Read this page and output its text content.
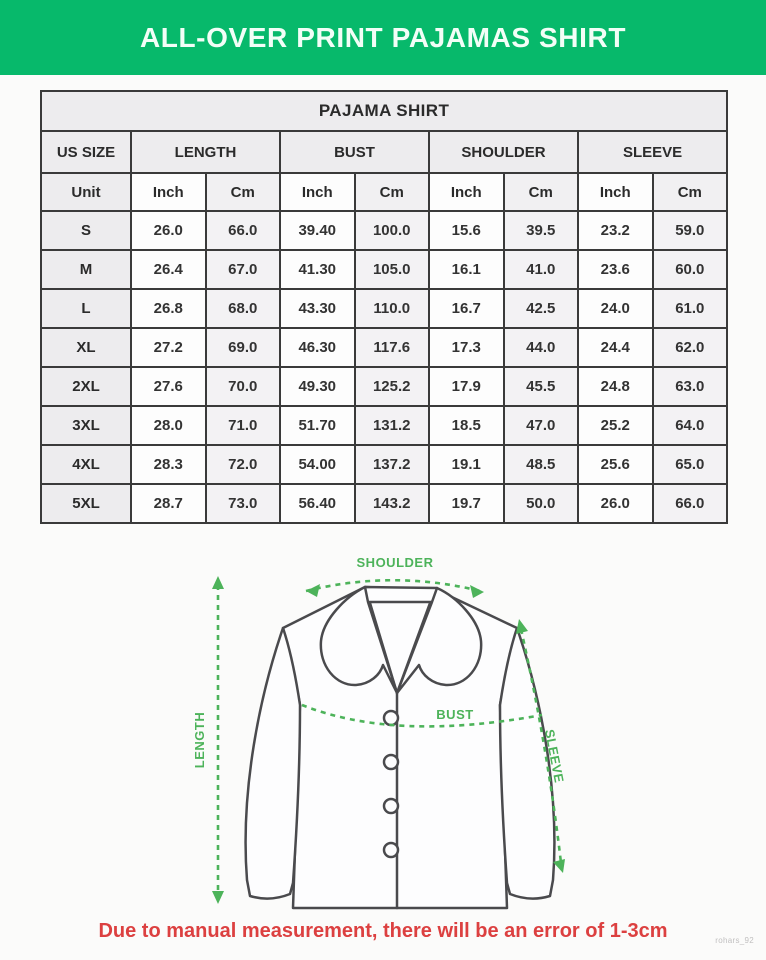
ALL-OVER PRINT PAJAMAS SHIRT
PAJAMA SHIRT								
US SIZE	LENGTH		BUST		SHOULDER		SLEEVE	
Unit	Inch	Cm	Inch	Cm	Inch	Cm	Inch	Cm
S	26.0	66.0	39.40	100.0	15.6	39.5	23.2	59.0
M	26.4	67.0	41.30	105.0	16.1	41.0	23.6	60.0
L	26.8	68.0	43.30	110.0	16.7	42.5	24.0	61.0
XL	27.2	69.0	46.30	117.6	17.3	44.0	24.4	62.0
2XL	27.6	70.0	49.30	125.2	17.9	45.5	24.8	63.0
3XL	28.0	71.0	51.70	131.2	18.5	47.0	25.2	64.0
4XL	28.3	72.0	54.00	137.2	19.1	48.5	25.6	65.0
5XL	28.7	73.0	56.40	143.2	19.7	50.0	26.0	66.0
SHOULDER
LENGTH	BUST
SLEEVE

Due to manual measurement, there will be an error of 1-3cm	rohars_92
